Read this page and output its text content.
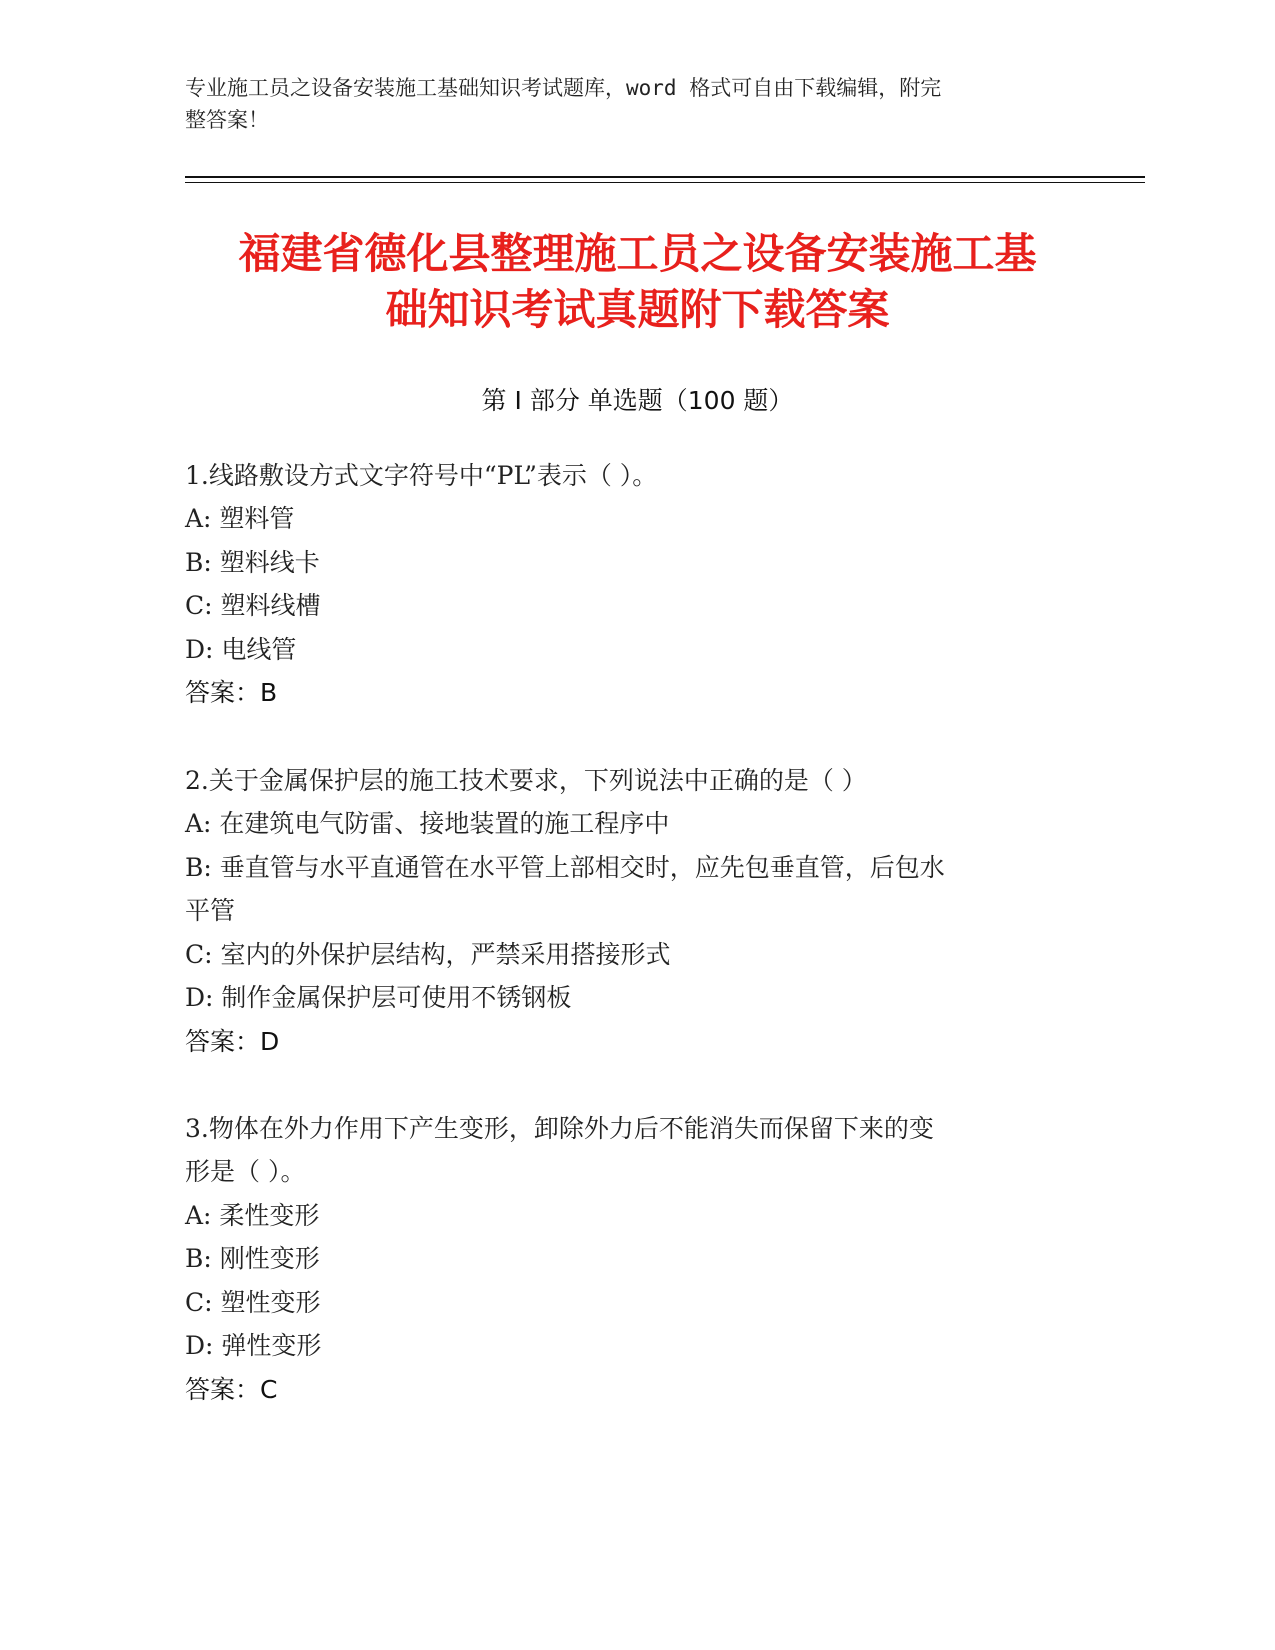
专业施工员之设备安装施工基础知识考试题库，word 格式可自由下载编辑，附完
整答案！
福建省德化县整理施工员之设备安装施工基
础知识考试真题附下载答案
第 I 部分 单选题（100 题）
1.线路敷设方式文字符号中“PL”表示（ ）。
A: 塑料管
B: 塑料线卡
C: 塑料线槽
D: 电线管
答案：B
2.关于金属保护层的施工技术要求，下列说法中正确的是（ ）
A: 在建筑电气防雷、接地装置的施工程序中
B: 垂直管与水平直通管在水平管上部相交时，应先包垂直管，后包水
平管
C: 室内的外保护层结构，严禁采用搭接形式
D: 制作金属保护层可使用不锈钢板
答案：D
3.物体在外力作用下产生变形，卸除外力后不能消失而保留下来的变
形是（ ）。
A: 柔性变形
B: 刚性变形
C: 塑性变形
D: 弹性变形
答案：C
